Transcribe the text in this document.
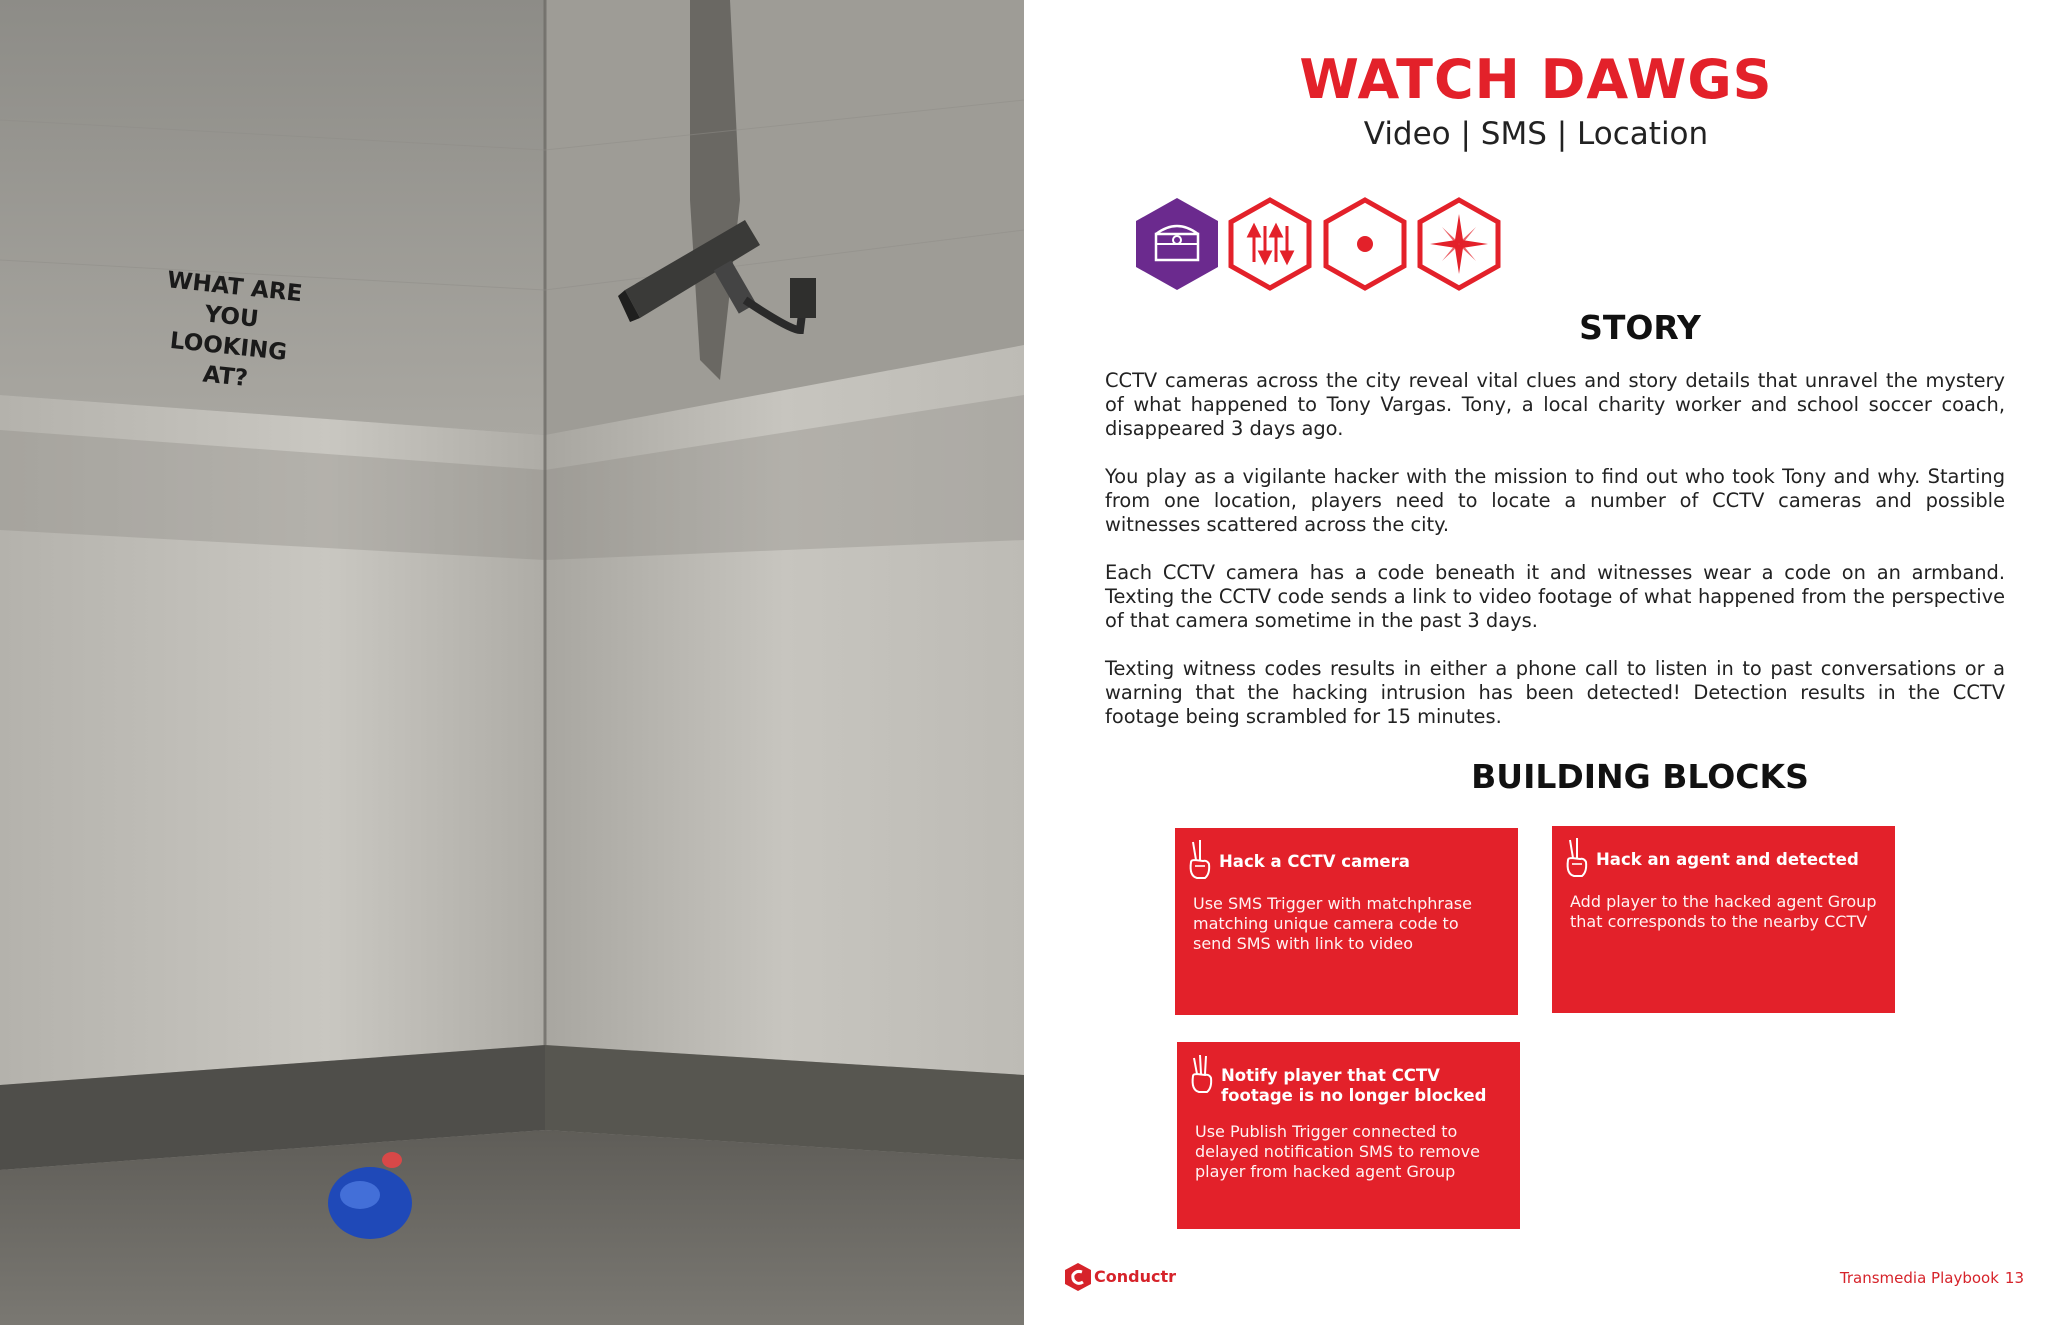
WHAT ARE
YOU
LOOKING AT?
WATCH DAWGS
Video | SMS | Location
STORY

CCTV cameras across the city reveal vital clues and story details that unravel the mystery of what happened to Tony Vargas. Tony, a local charity worker and school soccer coach, disappeared 3 days ago.

You play as a vigilante hacker with the mission to find out who took Tony and why. Starting from one location, players need to locate a number of CCTV cameras and possible witnesses scattered across the city.

Each CCTV camera has a code beneath it and witnesses wear a code on an armband. Texting the CCTV code sends a link to video footage of what happened from the perspective of that camera sometime in the past 3 days.

Texting witness codes results in either a phone call to listen in to past conversations or a warning that the hacking intrusion has been detected! Detection results in the CCTV footage being scrambled for 15 minutes.

BUILDING BLOCKS
Hack a CCTV camera
Use SMS Trigger with matchphrase matching unique camera code to send SMS with link to video
Hack an agent and detected
Add player to the hacked agent Group that corresponds to the nearby CCTV
Notify player that CCTV footage is no longer blocked
Use Publish Trigger connected to delayed notification SMS to remove player from hacked agent Group
Conductr	Transmedia Playbook 13
